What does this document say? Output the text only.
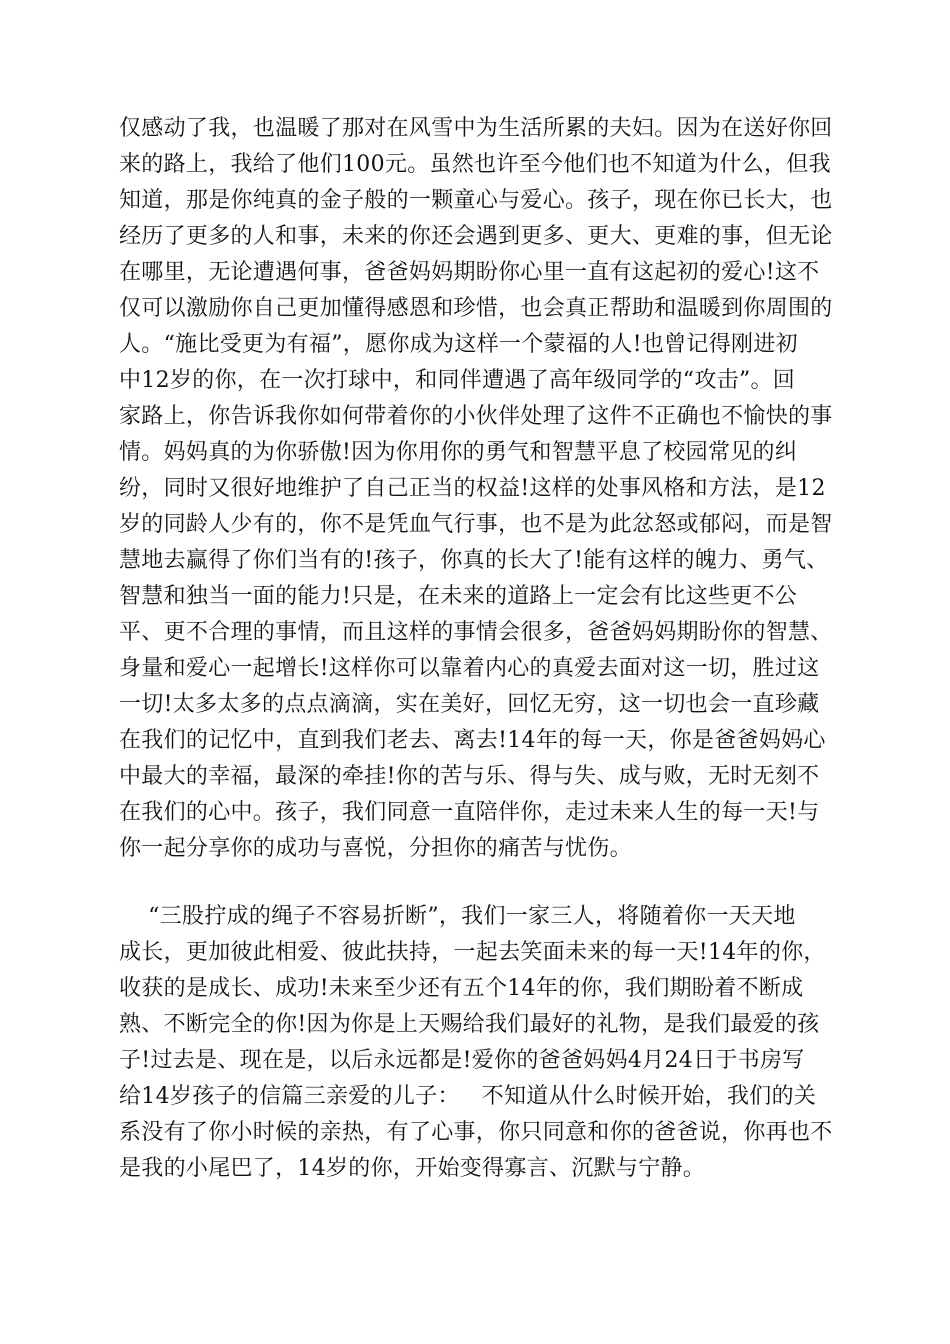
仅感动了我，也温暖了那对在风雪中为生活所累的夫妇。因为在送好你回
来的路上，我给了他们100元。虽然也许至今他们也不知道为什么，但我
知道，那是你纯真的金子般的一颗童心与爱心。孩子，现在你已长大，也
经历了更多的人和事，未来的你还会遇到更多、更大、更难的事，但无论
在哪里，无论遭遇何事，爸爸妈妈期盼你心里一直有这起初的爱心!这不
仅可以激励你自己更加懂得感恩和珍惜，也会真正帮助和温暖到你周围的
人。“施比受更为有福”，愿你成为这样一个蒙福的人!也曾记得刚进初
中12岁的你，在一次打球中，和同伴遭遇了高年级同学的“攻击”。回
家路上，你告诉我你如何带着你的小伙伴处理了这件不正确也不愉快的事
情。妈妈真的为你骄傲!因为你用你的勇气和智慧平息了校园常见的纠
纷，同时又很好地维护了自己正当的权益!这样的处事风格和方法，是12
岁的同龄人少有的，你不是凭血气行事，也不是为此忿怒或郁闷，而是智
慧地去赢得了你们当有的!孩子，你真的长大了!能有这样的魄力、勇气、
智慧和独当一面的能力!只是，在未来的道路上一定会有比这些更不公
平、更不合理的事情，而且这样的事情会很多，爸爸妈妈期盼你的智慧、
身量和爱心一起增长!这样你可以靠着内心的真爱去面对这一切，胜过这
一切!太多太多的点点滴滴，实在美好，回忆无穷，这一切也会一直珍藏
在我们的记忆中，直到我们老去、离去!14年的每一天，你是爸爸妈妈心
中最大的幸福，最深的牵挂!你的苦与乐、得与失、成与败，无时无刻不
在我们的心中。孩子，我们同意一直陪伴你，走过未来人生的每一天!与
你一起分享你的成功与喜悦，分担你的痛苦与忧伤。
“三股拧成的绳子不容易折断”，我们一家三人，将随着你一天天地
成长，更加彼此相爱、彼此扶持，一起去笑面未来的每一天!14年的你，
收获的是成长、成功!未来至少还有五个14年的你，我们期盼着不断成
熟、不断完全的你!因为你是上天赐给我们最好的礼物，是我们最爱的孩
子!过去是、现在是，以后永远都是!爱你的爸爸妈妈4月24日于书房写
给14岁孩子的信篇三亲爱的儿子：   不知道从什么时候开始，我们的关
系没有了你小时候的亲热，有了心事，你只同意和你的爸爸说，你再也不
是我的小尾巴了，14岁的你，开始变得寡言、沉默与宁静。
